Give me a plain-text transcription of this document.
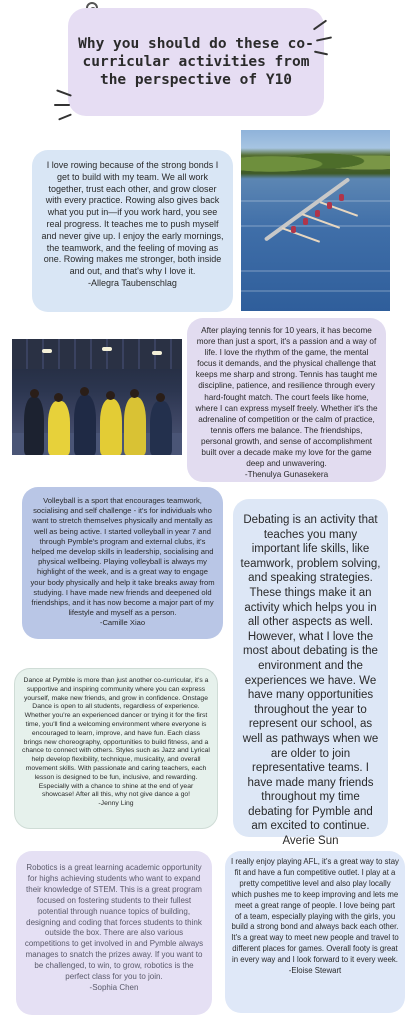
Why you should do these co-curricular activities from the perspective of Y10

I love rowing because of the strong bonds I get to build with my team. We all work together, trust each other, and grow closer with every practice. Rowing also gives back what you put in—if you work hard, you see real progress. It teaches me to push myself and never give up. I enjoy the early mornings, the teamwork, and the feeling of moving as one. Rowing makes me stronger, both inside and out, and that's why I love it.

-Allegra Taubenschlag

After playing tennis for 10 years, it has become more than just a sport, it's a passion and a way of life. I love the rhythm of the game, the mental focus it demands, and the physical challenge that keeps me sharp and strong. Tennis has taught me discipline, patience, and resilience through every hard-fought match. The court feels like home, where I can express myself freely. Whether it's the adrenaline of competition or the calm of practice, tennis offers me balance. The friendships, personal growth, and sense of accomplishment built over a decade make my love for the game deep and unwavering.

-Thenulya Gunasekera

Volleyball is a sport that encourages teamwork, socialising and self challenge - it's for individuals who want to stretch themselves physically and mentally as well as being active. I started volleyball in year 7 and through Pymble's program and external clubs, it's helped me develop skills in leadership, socialising and physical wellbeing. Playing volleyball is always my highlight of the week, and is a great way to engage your body physically and help it take breaks away from studying. I have made new friends and deepened old friendships, and it has now become a major part of my lifestyle and myself as a person.

-Camille Xiao

Debating is an activity that teaches you many important life skills, like teamwork, problem solving, and speaking strategies. These things make it an activity which helps you in all other aspects as well. However, what I love the most about debating is the environment and the experiences we have. We have many opportunities throughout the year to represent our school, as well as pathways when we are older to join representative teams. I have made many friends throughout my time debating for Pymble and am excited to continue.

Averie Sun

Dance at Pymble is more than just another co-curricular, it's a supportive and inspiring community where you can express yourself, make new friends, and grow in confidence. Onstage Dance is open to all students, regardless of experience. Whether you're an experienced dancer or trying it for the first time, you'll find a welcoming environment where everyone is encouraged to learn, improve, and have fun. Each class brings new choreography, opportunities to build fitness, and a chance to connect with others. Styles such as Jazz and Lyrical help develop flexibility, technique, musicality, and overall movement skills. With passionate and caring teachers, each lesson is designed to be fun, inclusive, and rewarding. Especially with a chance to shine at the end of year showcase! After all this, why not give dance a go!

-Jenny Ling

Robotics is a great learning academic opportunity for highs achieving students who want to expand their knowledge of STEM. This is a great program focused on fostering students to their fullest potential through nuance topics of building, designing and coding that forces students to think outside the box. There are also various competitions to get involved in and Pymble always manages to snatch the prizes away. If you want to be challenged, to win, to grow, robotics is the perfect class for you to join.

-Sophia Chen

I really enjoy playing AFL, it's a great way to stay fit and have a fun competitive outlet. I play at a pretty competitive level and also play locally which pushes me to keep improving and lets me meet a great range of people. I love being part of a team, especially playing with the girls, you build a strong bond and always back each other. It's a great way to meet new people and travel to different places for games. Overall footy is great in every way and I look forward to it every week.

-Eloise Stewart
